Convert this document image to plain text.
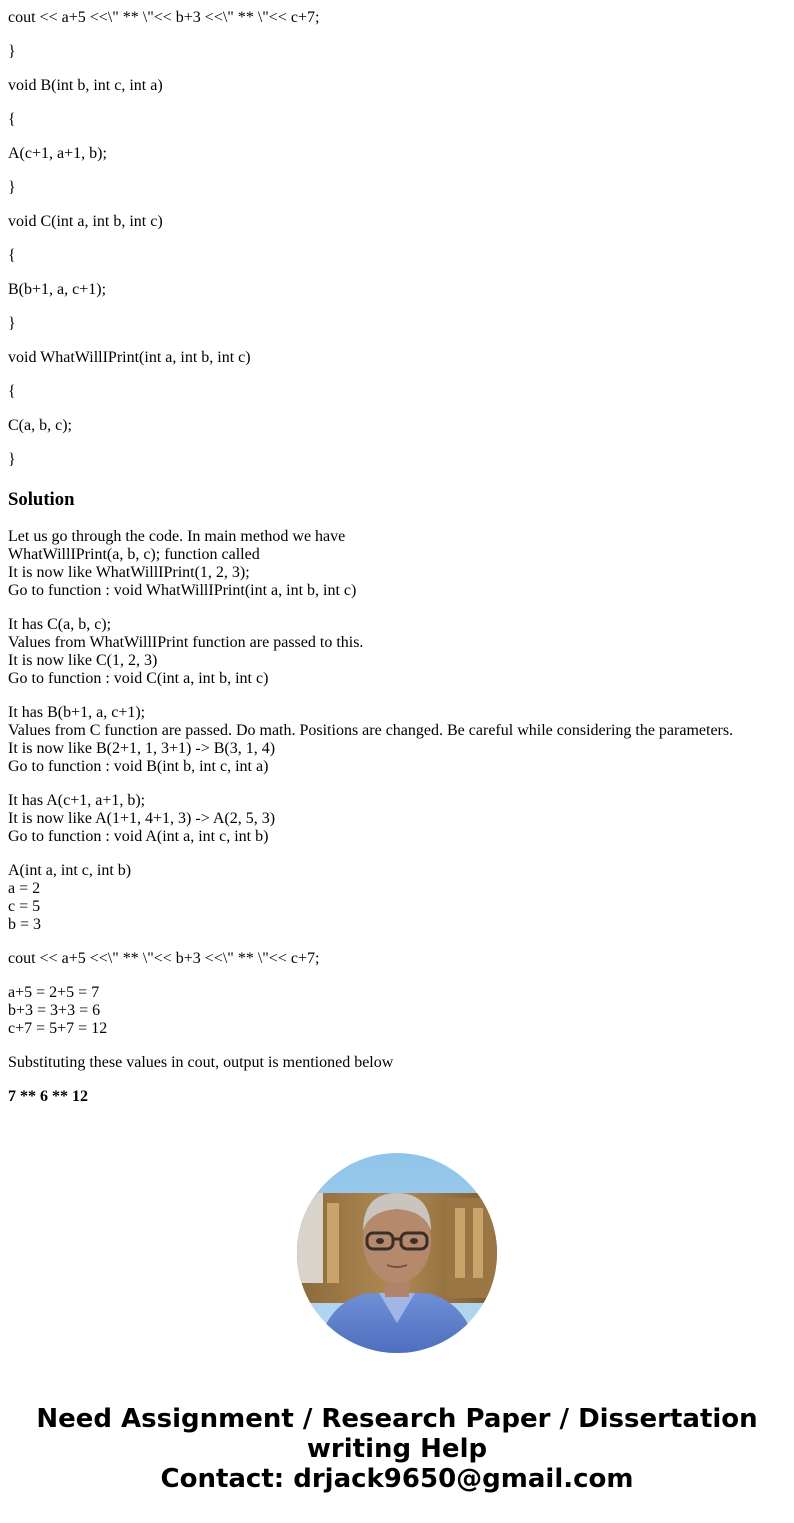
cout << a+5 <<\" ** \"<< b+3 <<\" ** \"<< c+7;
}
void B(int b, int c, int a)
{
A(c+1, a+1, b);
}
void C(int a, int b, int c)
{
B(b+1, a, c+1);
}
void WhatWillIPrint(int a, int b, int c)
{
C(a, b, c);
}
Solution

Let us go through the code. In main method we have
WhatWillIPrint(a, b, c); function called
It is now like WhatWillIPrint(1, 2, 3);
Go to function : void WhatWillIPrint(int a, int b, int c)

It has C(a, b, c);
Values from WhatWillIPrint function are passed to this.
It is now like C(1, 2, 3)
Go to function : void C(int a, int b, int c)

It has B(b+1, a, c+1);
Values from C function are passed. Do math. Positions are changed. Be careful while considering the parameters.
It is now like B(2+1, 1, 3+1) -> B(3, 1, 4)
Go to function : void B(int b, int c, int a)

It has A(c+1, a+1, b);
It is now like A(1+1, 4+1, 3) -> A(2, 5, 3)
Go to function : void A(int a, int c, int b)

A(int a, int c, int b)
a = 2
c = 5
b = 3

cout << a+5 <<\" ** \"<< b+3 <<\" ** \"<< c+7;

a+5 = 2+5 = 7
b+3 = 3+3 = 6
c+7 = 5+7 = 12

Substituting these values in cout, output is mentioned below

7 ** 6 ** 12

Need Assignment / Research Paper / Dissertation
writing Help
Contact: drjack9650@gmail.com
